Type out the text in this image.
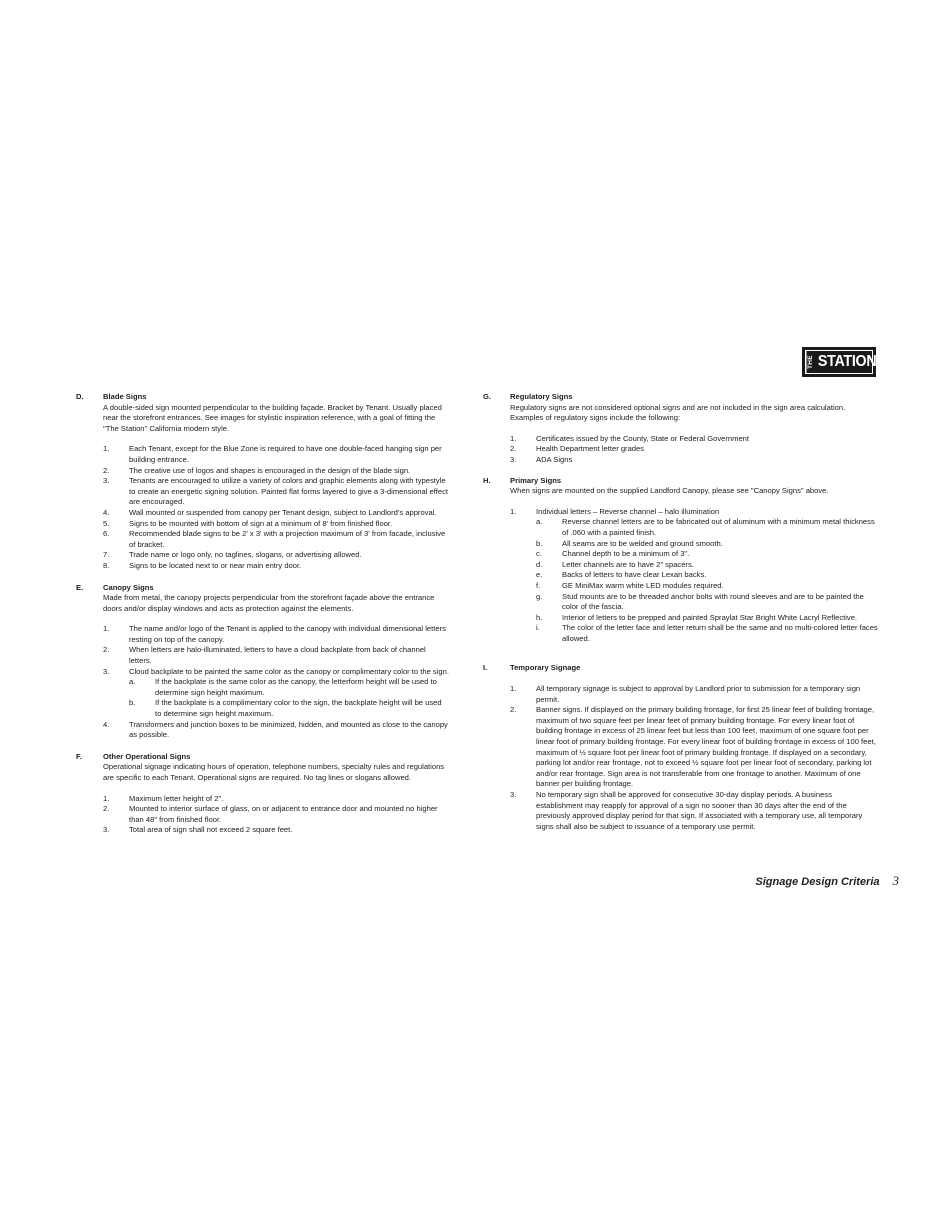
THE STATION
D.	Blade Signs

A double-sided sign mounted perpendicular to the building façade. Bracket by Tenant. Usually placed near the storefront entrances. See images for stylistic inspiration reference, with a goal of fitting the "The Station" California modern style.

1.	Each Tenant, except for the Blue Zone is required to have one double-faced hanging sign per building entrance.
2.	The creative use of logos and shapes is encouraged in the design of the blade sign.
3.	Tenants are encouraged to utilize a variety of colors and graphic elements along with typestyle to create an energetic signing solution. Painted flat forms layered to give a 3-dimensional effect are encouraged.
4.	Wall mounted or suspended from canopy per Tenant design, subject to Landlord's approval.
5.	Signs to be mounted with bottom of sign at a minimum of 8' from finished floor.
6.	Recommended blade signs to be 2' x 3' with a projection maximum of 3' from facade, inclusive of bracket.
7.	Trade name or logo only, no taglines, slogans, or advertising allowed.
8.	Signs to be located next to or near main entry door.
E.	Canopy Signs

Made from metal, the canopy projects perpendicular from the storefront façade above the entrance doors and/or display windows and acts as protection against the elements.

1.	The name and/or logo of the Tenant is applied to the canopy with individual dimensional letters resting on top of the canopy.
2.	When letters are halo-illuminated, letters to have a cloud backplate from back of channel letters.
3.	Cloud backplate to be painted the same color as the canopy or complimentary color to the sign.
a.	If the backplate is the same color as the canopy, the letterform height will be used to determine sign height maximum.
b.	If the backplate is a complimentary color to the sign, the backplate height will be used to determine sign height maximum.
4.	Transformers and junction boxes to be minimized, hidden, and mounted as close to the canopy as possible.
F.	Other Operational Signs

Operational signage indicating hours of operation, telephone numbers, specialty rules and regulations are specific to each Tenant. Operational signs are required. No tag lines or slogans allowed.

1.	Maximum letter height of 2".
2.	Mounted to interior surface of glass, on or adjacent to entrance door and mounted no higher than 48" from finished floor.
3.	Total area of sign shall not exceed 2 square feet.
G. Regulatory Signs

Regulatory signs are not considered optional signs and are not included in the sign area calculation. Examples of regulatory signs include the following:

1.	Certificates issued by the County, State or Federal Government
2.	Health Department letter grades
3.	ADA Signs
H.	Primary Signs

When signs are mounted on the supplied Landford Canopy, please see "Canopy Signs" above.

1.	Individual letters – Reverse channel – halo illumination
a.	Reverse channel letters are to be fabricated out of aluminum with a minimum metal thickness of .060 with a painted finish.
b.	All seams are to be welded and ground smooth.
c.	Channel depth to be a minimum of 3".
d.	Letter channels are to have 2" spacers.
e.	Backs of letters to have clear Lexan backs.
f.	GE MiniMax warm white LED modules required.
g.	Stud mounts are to be threaded anchor bolts with round sleeves and are to be painted the color of the fascia.
h.	Interior of letters to be prepped and painted Spraylat Star Bright White Lacryl Reflective.
i.	The color of the letter face and letter return shall be the same and no multi-colored letter faces allowed.
I.	Temporary Signage
1.	All temporary signage is subject to approval by Landlord prior to submission for a temporary sign permit.
2.	Banner signs. If displayed on the primary building frontage, for first 25 linear feet of building frontage, maximum of two square feet per linear feet of primary building frontage. For every linear foot of building frontage in excess of 25 linear feet but less than 100 feet, maximum of one square foot per linear foot of primary building frontage. For every linear foot of building frontage in excess of 100 feet, maximum of ½ square foot per linear foot of primary building frontage. If displayed on a secondary, parking lot and/or rear frontage, not to exceed ½ square foot per linear foot of secondary, parking lot and/or rear frontage. Sign area is not transferable from one frontage to another. Maximum of one banner per building frontage.
3.	No temporary sign shall be approved for consecutive 30-day display periods. A business establishment may reapply for approval of a sign no sooner than 30 days after the end of the previously approved display period for that sign. If associated with a temporary use, all temporary signs shall also be subject to issuance of a temporary use permit.
Signage Design Criteria 3
